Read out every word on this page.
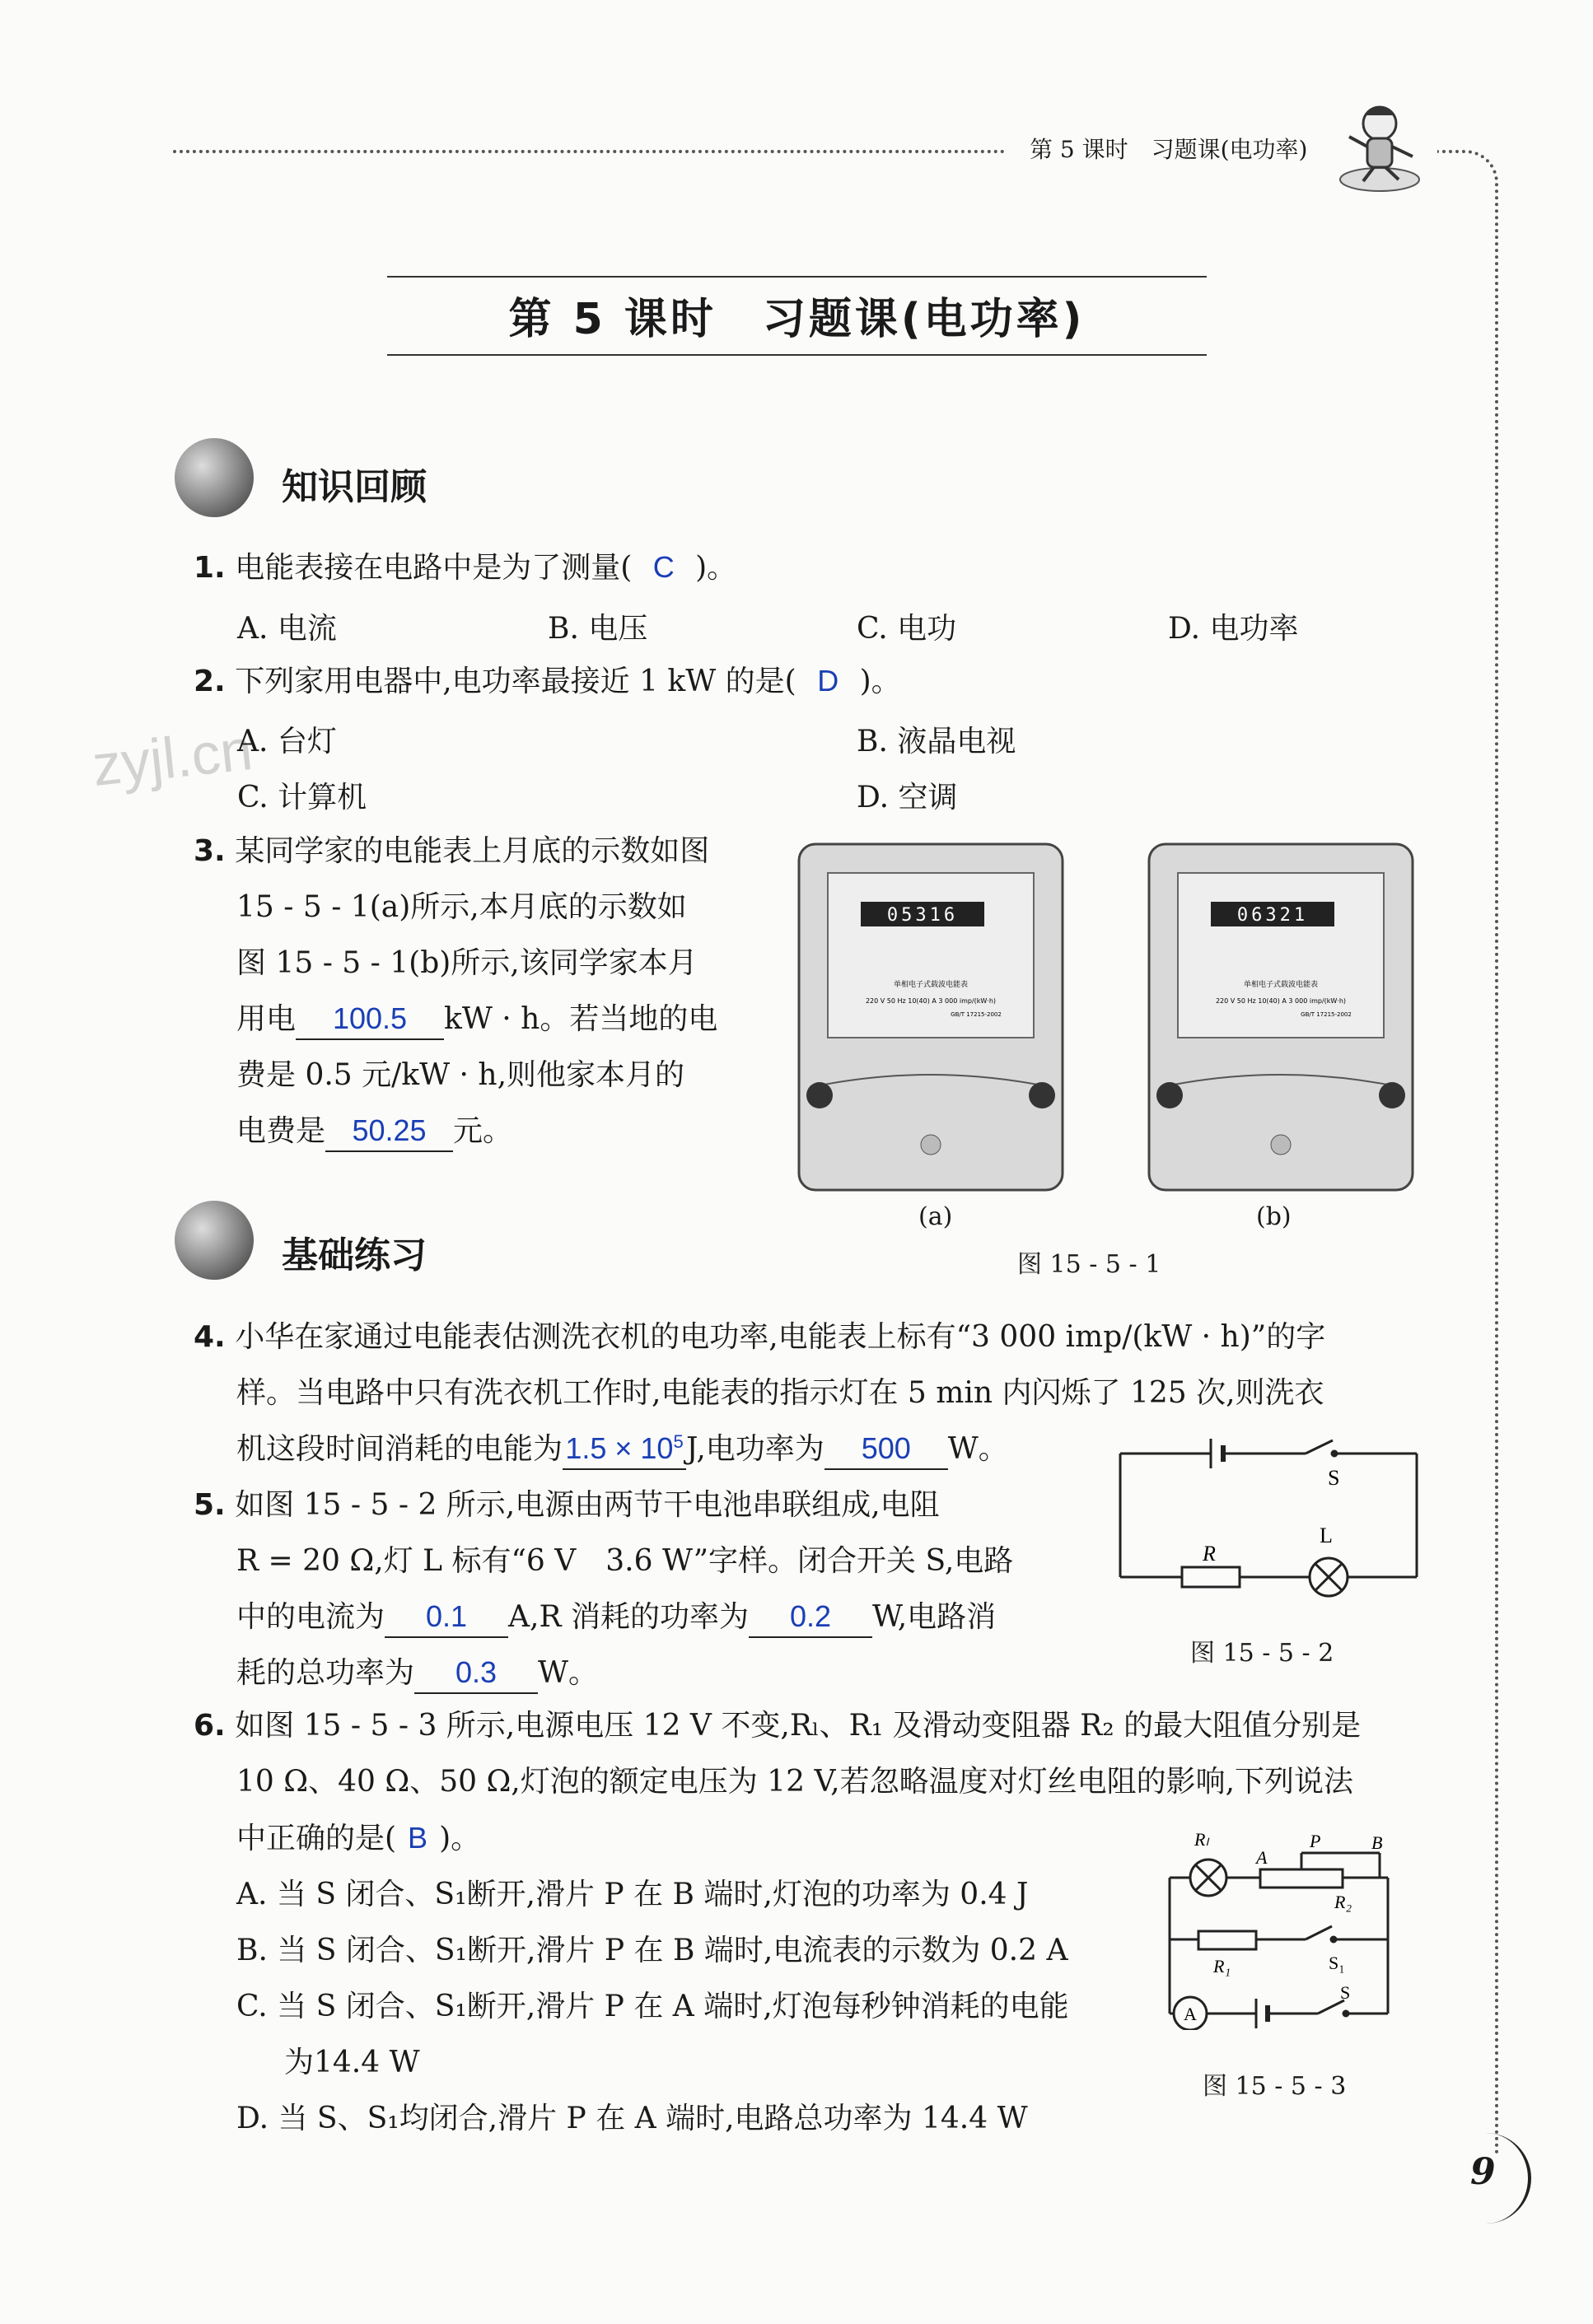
第 5 课时　习题课(电功率)
第 5 课时　习题课(电功率)
zyjl.cn
知识回顾
1. 电能表接在电路中是为了测量( C )。
A. 电流	B. 电压	C. 电功	D. 电功率
2. 下列家用电器中,电功率最接近 1 kW 的是( D )。
A. 台灯	B. 液晶电视
C. 计算机	D. 空调
3. 某同学家的电能表上月底的示数如图
15 - 5 - 1(a)所示,本月底的示数如
图 15 - 5 - 1(b)所示,该同学家本月
用电 100.5 kW · h。若当地的电
费是 0.5 元/kW · h,则他家本月的
电费是 50.25 元。
05316
单相电子式载波电能表
220 V 50 Hz 10(40) A 3 000 imp/(kW·h)
GB/T 17215-2002
06321
单相电子式载波电能表
220 V 50 Hz 10(40) A 3 000 imp/(kW·h)
GB/T 17215-2002
(a)	(b)
图 15 - 5 - 1
基础练习
4. 小华在家通过电能表估测洗衣机的电功率,电能表上标有“3 000 imp/(kW · h)”的字
样。当电路中只有洗衣机工作时,电能表的指示灯在 5 min 内闪烁了 125 次,则洗衣
机这段时间消耗的电能为$1.5 \times 10^5J$,电功率为 500 W。
5. 如图 15 - 5 - 2 所示,电源由两节干电池串联组成,电阻
R = 20 Ω,灯 L 标有“6 V　3.6 W”字样。闭合开关 S,电路
中的电流为 0.1 A,R 消耗的功率为 0.2 W,电路消
耗的总功率为 0.3 W。
S
R
L
图 15 - 5 - 2
6. 如图 15 - 5 - 3 所示,电源电压 12 V 不变,Rₗ、R₁ 及滑动变阻器 R₂ 的最大阻值分别是
10 Ω、40 Ω、50 Ω,灯泡的额定电压为 12 V,若忽略温度对灯丝电阻的影响,下列说法
中正确的是( B )。
A. 当 S 闭合、S₁断开,滑片 P 在 B 端时,灯泡的功率为 0.4 J
B. 当 S 闭合、S₁断开,滑片 P 在 B 端时,电流表的示数为 0.2 A
C. 当 S 闭合、S₁断开,滑片 P 在 A 端时,灯泡每秒钟消耗的电能
为14.4 W
D. 当 S、S₁均闭合,滑片 P 在 A 端时,电路总功率为 14.4 W
Rₗ
A
P	B
R₂
R₁	S₁
A
S
图 15 - 5 - 3
9
